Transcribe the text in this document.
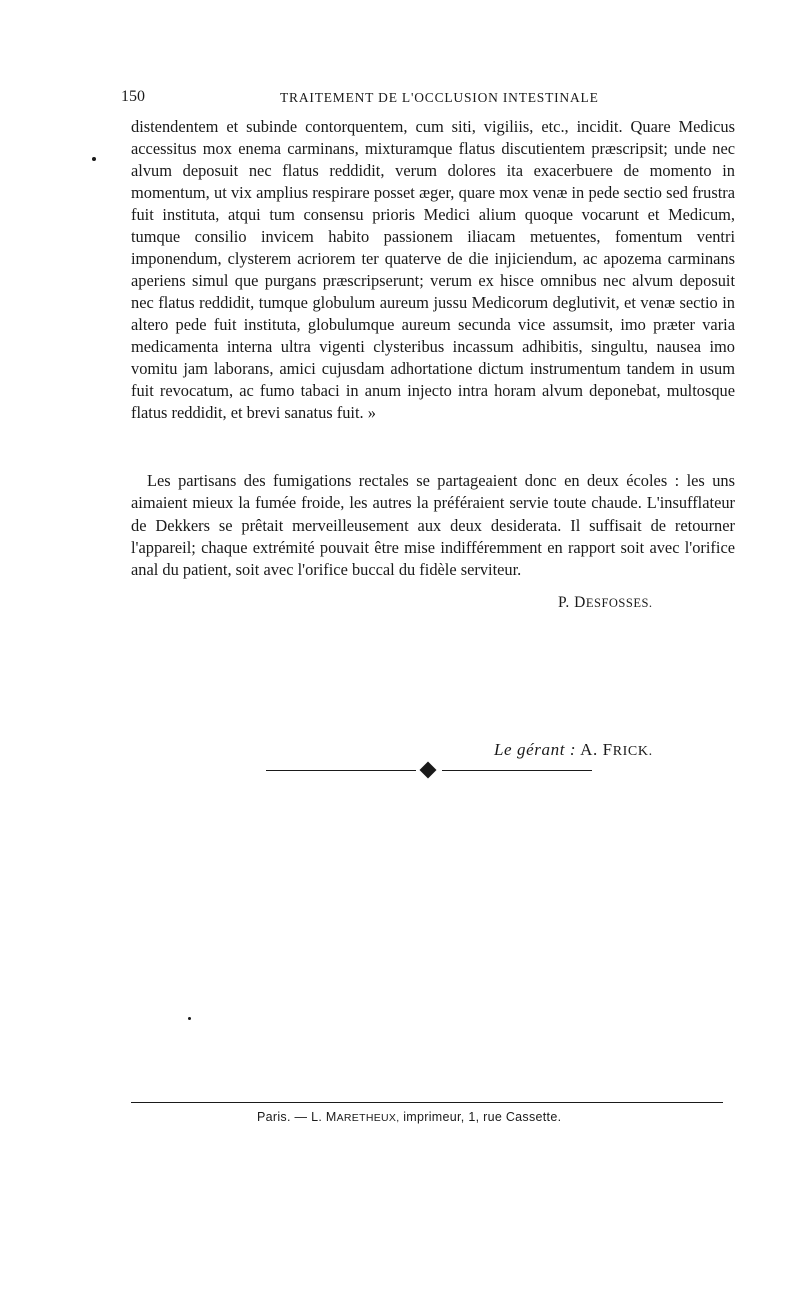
150	TRAITEMENT DE L'OCCLUSION INTESTINALE

distendentem et subinde contorquentem, cum siti, vigiliis, etc., incidit. Quare Medicus accessitus mox enema carminans, mixturamque flatus discutientem præscripsit; unde nec alvum deposuit nec flatus reddidit, verum dolores ita exacerbuere de momento in momentum, ut vix amplius respirare posset æger, quare mox venæ in pede sectio sed frustra fuit instituta, atqui tum consensu prioris Medici alium quoque vocarunt et Medicum, tumque consilio invicem habito passionem iliacam metuentes, fomentum ventri imponendum, clysterem acriorem ter quaterve de die injiciendum, ac apozema carminans aperiens simul que purgans præscripserunt; verum ex hisce omnibus nec alvum deposuit nec flatus reddidit, tumque globulum aureum jussu Medicorum deglutivit, et venæ sectio in altero pede fuit instituta, globulumque aureum secunda vice assumsit, imo præter varia medicamenta interna ultra vigenti clysteribus incassum adhibitis, singultu, nausea imo vomitu jam laborans, amici cujusdam adhortatione dictum instrumentum tandem in usum fuit revocatum, ac fumo tabaci in anum injecto intra horam alvum deponebat, multosque flatus reddidit, et brevi sanatus fuit. »

Les partisans des fumigations rectales se partageaient donc en deux écoles : les uns aimaient mieux la fumée froide, les autres la préféraient servie toute chaude. L'insufflateur de Dekkers se prêtait merveilleusement aux deux desiderata. Il suffisait de retourner l'appareil; chaque extrémité pouvait être mise indifféremment en rapport soit avec l'orifice anal du patient, soit avec l'orifice buccal du fidèle serviteur.

P. DESFOSSES.
Le gérant : A. FRICK.
Paris. — L. MARETHEUX, imprimeur, 1, rue Cassette.
